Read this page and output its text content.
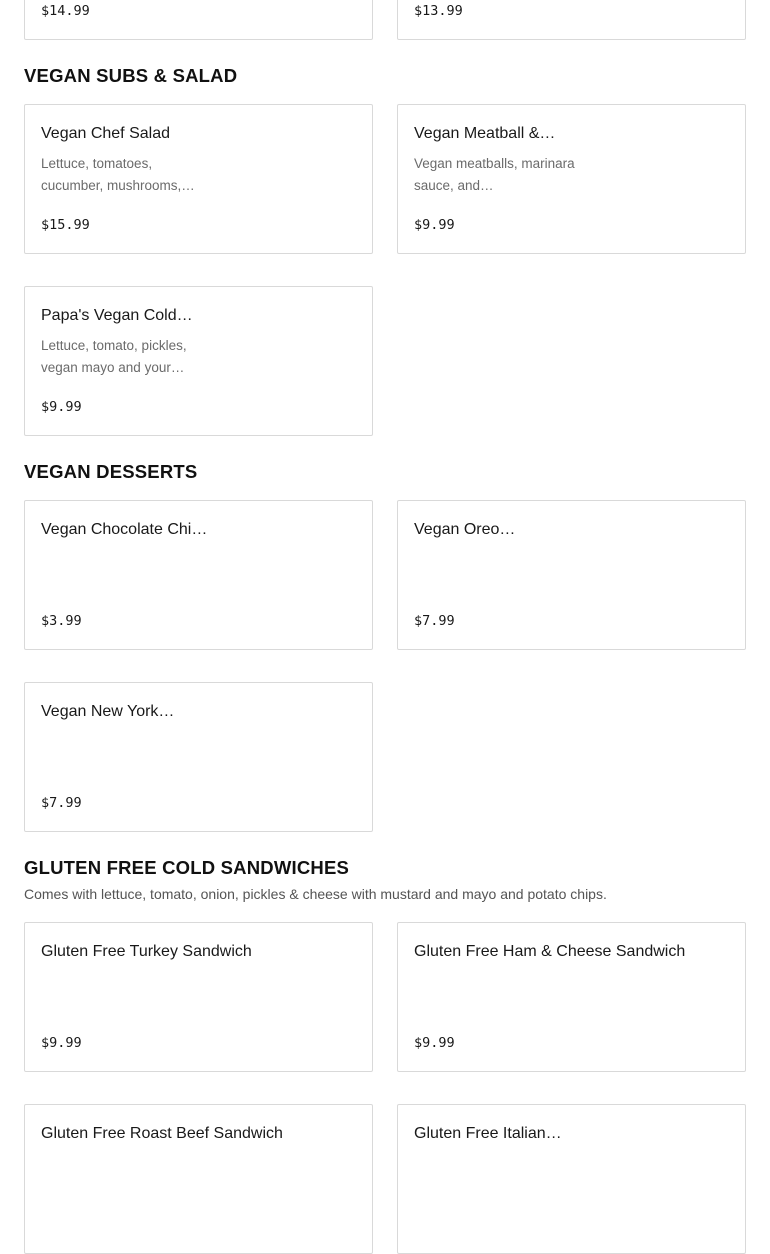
$14.99	$13.99
VEGAN SUBS & SALAD
Vegan Chef Salad
Lettuce, tomatoes, cucumber, mushrooms,…
$15.99
Vegan Meatball &…
Vegan meatballs, marinara sauce, and…
$9.99
Papa's Vegan Cold…
Lettuce, tomato, pickles, vegan mayo and your…
$9.99
VEGAN DESSERTS
Vegan Chocolate Chi…
$3.99
Vegan Oreo…
$7.99
Vegan New York…
$7.99
GLUTEN FREE COLD SANDWICHES
Comes with lettuce, tomato, onion, pickles & cheese with mustard and mayo and potato chips.
Gluten Free Turkey Sandwich
$9.99
Gluten Free Ham & Cheese Sandwich
$9.99
Gluten Free Roast Beef Sandwich	Gluten Free Italian…
